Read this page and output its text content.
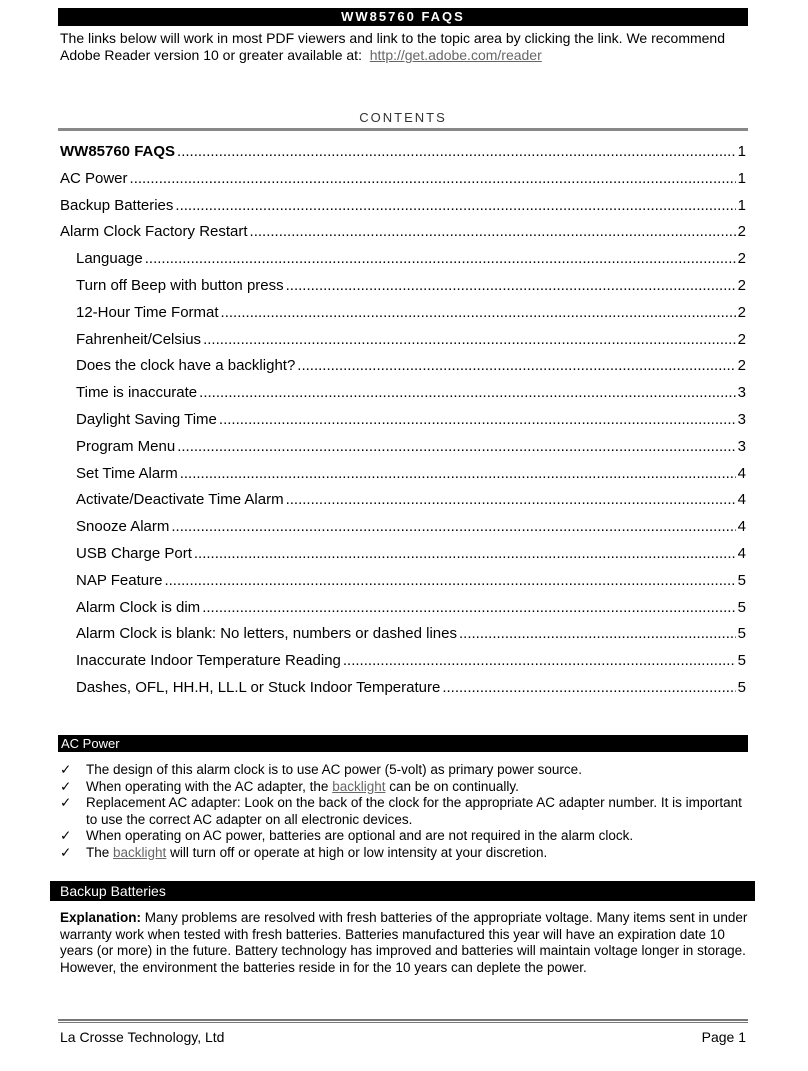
WW85760 FAQS
The links below will work in most PDF viewers and link to the topic area by clicking the link. We recommend Adobe Reader version 10 or greater available at: http://get.adobe.com/reader
CONTENTS
WW85760 FAQS .....	1
AC Power .....	1
Backup Batteries .....	1
Alarm Clock Factory Restart .....	2
Language .....	2
Turn off Beep with button press .....	2
12-Hour Time Format .....	2
Fahrenheit/Celsius .....	2
Does the clock have a backlight? .....	2
Time is inaccurate .....	3
Daylight Saving Time .....	3
Program Menu .....	3
Set Time Alarm .....	4
Activate/Deactivate Time Alarm .....	4
Snooze Alarm .....	4
USB Charge Port .....	4
NAP Feature .....	5
Alarm Clock is dim .....	5
Alarm Clock is blank: No letters, numbers or dashed lines .....	5
Inaccurate Indoor Temperature Reading .....	5
Dashes, OFL, HH.H, LL.L or Stuck Indoor Temperature .....	5
AC Power
✓	The design of this alarm clock is to use AC power (5-volt) as primary power source.
✓	When operating with the AC adapter, the backlight can be on continually.
✓	Replacement AC adapter: Look on the back of the clock for the appropriate AC adapter number. It is important to use the correct AC adapter on all electronic devices.
✓	When operating on AC power, batteries are optional and are not required in the alarm clock.
✓	The backlight will turn off or operate at high or low intensity at your discretion.
Backup Batteries
Explanation: Many problems are resolved with fresh batteries of the appropriate voltage. Many items sent in under warranty work when tested with fresh batteries. Batteries manufactured this year will have an expiration date 10 years (or more) in the future. Battery technology has improved and batteries will maintain voltage longer in storage. However, the environment the batteries reside in for the 10 years can deplete the power.
La Crosse Technology, Ltd	Page 1
